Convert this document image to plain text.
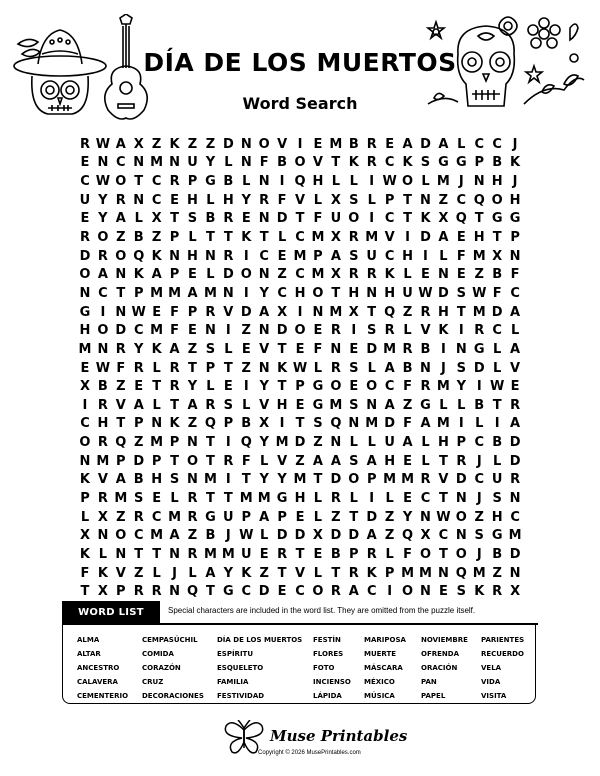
DÍA DE LOS MUERTOS
Word Search
R W A X Z K Z Z D N O V I E M B R E A D A L C C J
E N C N M N U Y L N F B O V T K R C K S G G P B K
C W O T C R P G B L N I Q H L L I W O L M J N H J
U Y R N C E H L H Y R F V L X S L P T N Z C Q O H
E Y A L X T S B R E N D T F U O I C T K X Q T G G
R O Z B Z P L T T K T L C M X R M V I D A E H T P
D R O Q K N H N R I C E M P A S U C H I L F M X N
O A N K A P E L D O N Z C M X R R K L E N E Z B F
N C T P M M A M N I Y C H O T H N H U W D S W F C
G I N W E F P R V D A X I N M X T Q Z R H T M D A
H O D C M F E N I Z N D O E R I S R L V K I R C L
M N R Y K A Z S L E V T E F N E D M R B I N G L A
E W F R L R T P T Z N K W L R S L A B N J S D L V
X B Z E T R Y L E I Y T P G O E O C F R M Y I W E
I R V A L T A R S L V H E G M S N A Z G L L B T R
C H T P N K Z Q P B X I T S Q N M D F A M I L I A
O R Q Z M P N T I Q Y M D Z N L L U A L H P C B D
N M P D P T O T R F L V Z A A S A H E L T R J L D
K V A B H S N M I T Y Y M T D O P M M R V D C U R
P R M S E L R T T M M G H L R L I L E C T N J S N
L X Z R C M R G U P A P E L Z T D Z Y N W O Z H C
X N O C M A Z B J W L D D X D D A Z Q X C N S G M
K L N T T N R M M U E R T E B P R L F O T O J B D
F K V Z L J L A Y K Z T V L T R K P M M N Q M Z N
T X P R R N Q T G C D E C O R A C I O N E S K R X
WORD LIST	Special characters are included in the word list. They are omitted from the puzzle itself.
ALMA
ALTAR
ANCESTRO
CALAVERA
CEMENTERIO
CEMPASÚCHIL
COMIDA
CORAZÓN
CRUZ
DECORACIONES
DÍA DE LOS MUERTOS
ESPÍRITU
ESQUELETO
FAMILIA
FESTIVIDAD
FESTÍN
FLORES
FOTO
INCIENSO
LÁPIDA
MARIPOSA
MUERTE
MÁSCARA
MÉXICO
MÚSICA
NOVIEMBRE
OFRENDA
ORACIÓN
PAN
PAPEL
PARIENTES
RECUERDO
VELA
VIDA
VISITA
Muse Printables
Copyright © 2026 MusePrintables.com
